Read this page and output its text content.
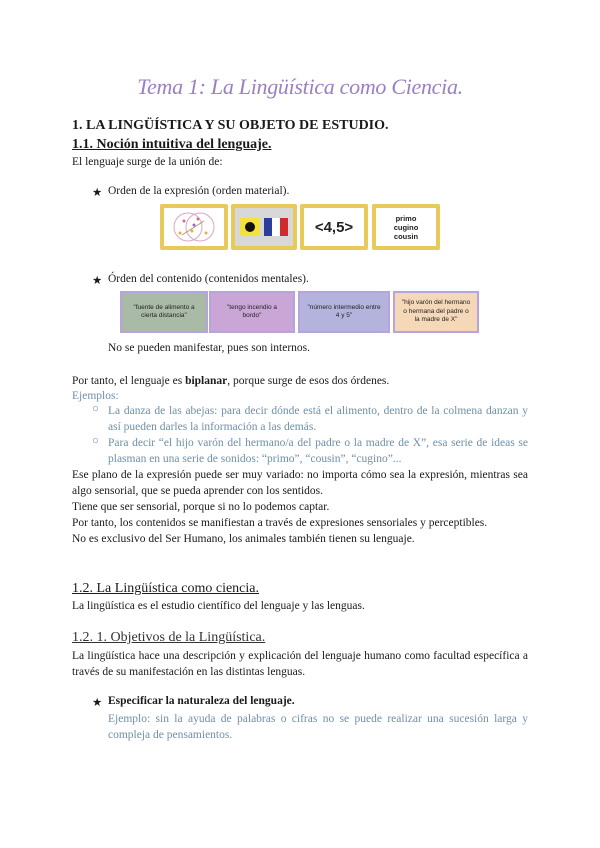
Tema 1: La Lingüística como Ciencia.
1. LA LINGÜÍSTICA Y SU OBJETO DE ESTUDIO.
1.1. Noción intuitiva del lenguaje.
El lenguaje surge de la unión de:
★ Orden de la expresión (orden material).
<4,5>
primo
cugino
cousin
★ Órden del contenido (contenidos mentales).
"fuente de alimento a cierta distancia"
"tengo incendio a bordo"
"número intermedio entre 4 y 5"
"hijo varón del hermano o hermana del padre o la madre de X"
No se pueden manifestar, pues son internos.
Por tanto, el lenguaje es biplanar, porque surge de esos dos órdenes.
Ejemplos:
○ La danza de las abejas: para decir dónde está el alimento, dentro de la colmena danzan y así pueden darles la información a las demás.
○ Para decir “el hijo varón del hermano/a del padre o la madre de X”, esa serie de ideas se plasman en una serie de sonidos: “primo”, “cousin”, “cugino”...
Ese plano de la expresión puede ser muy variado: no importa cómo sea la expresión, mientras sea algo sensorial, que se pueda aprender con los sentidos.
Tiene que ser sensorial, porque si no lo podemos captar.
Por tanto, los contenidos se manifiestan a través de expresiones sensoriales y perceptibles.
No es exclusivo del Ser Humano, los animales también tienen su lenguaje.
1.2. La Lingüística como ciencia.
La lingüística es el estudio científico del lenguaje y las lenguas.
1.2. 1. Objetivos de la Lingüística.
La lingüística hace una descripción y explicación del lenguaje humano como facultad específica a través de su manifestación en las distintas lenguas.
★ Especificar la naturaleza del lenguaje.
Ejemplo: sin la ayuda de palabras o cifras no se puede realizar una sucesión larga y compleja de pensamientos.
